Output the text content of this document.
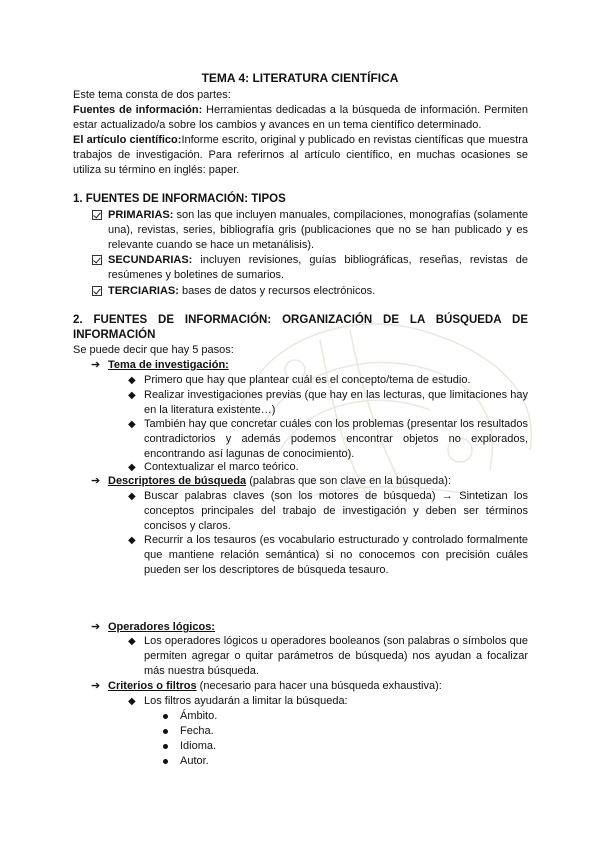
TEMA 4: LITERATURA CIENTÍFICA
Este tema consta de dos partes:
Fuentes de información: Herramientas dedicadas a la búsqueda de información. Permiten estar actualizado/a sobre los cambios y avances en un tema científico determinado.
El artículo científico:Informe escrito, original y publicado en revistas científicas que muestra trabajos de investigación. Para referirnos al artículo científico, en muchas ocasiones se utiliza su término en inglés: paper.
1. FUENTES DE INFORMACIÓN: TIPOS
PRIMARIAS: son las que incluyen manuales, compilaciones, monografías (solamente una), revistas, series, bibliografía gris (publicaciones que no se han publicado y es relevante cuando se hace un metanálisis).
SECUNDARIAS: incluyen revisiones, guías bibliográficas, reseñas, revistas de resúmenes y boletines de sumarios.
TERCIARIAS: bases de datos y recursos electrónicos.
2. FUENTES DE INFORMACIÓN: ORGANIZACIÓN DE LA BÚSQUEDA DE
INFORMACIÓN
Se puede decir que hay 5 pasos:
➔ Tema de investigación:
◆ Primero que hay que plantear cuál es el concepto/tema de estudio.
◆ Realizar investigaciones previas (que hay en las lecturas, que limitaciones hay en la literatura existente…)
◆ También hay que concretar cuáles con los problemas (presentar los resultados contradictorios y además podemos encontrar objetos no explorados, encontrando así lagunas de conocimiento).
◆ Contextualizar el marco teórico.
➔ Descriptores de búsqueda (palabras que son clave en la búsqueda):
◆ Buscar palabras claves (son los motores de búsqueda) → Sintetizan los conceptos principales del trabajo de investigación y deben ser términos concisos y claros.
◆ Recurrir a los tesauros (es vocabulario estructurado y controlado formalmente que mantiene relación semántica) si no conocemos con precisión cuáles pueden ser los descriptores de búsqueda tesauro.
➔ Operadores lógicos:
◆ Los operadores lógicos u operadores booleanos (son palabras o símbolos que permiten agregar o quitar parámetros de búsqueda) nos ayudan a focalizar más nuestra búsqueda.
➔ Criterios o filtros (necesario para hacer una búsqueda exhaustiva):
◆ Los filtros ayudarán a limitar la búsqueda:
Ámbito.
Fecha.
Idioma.
Autor.
